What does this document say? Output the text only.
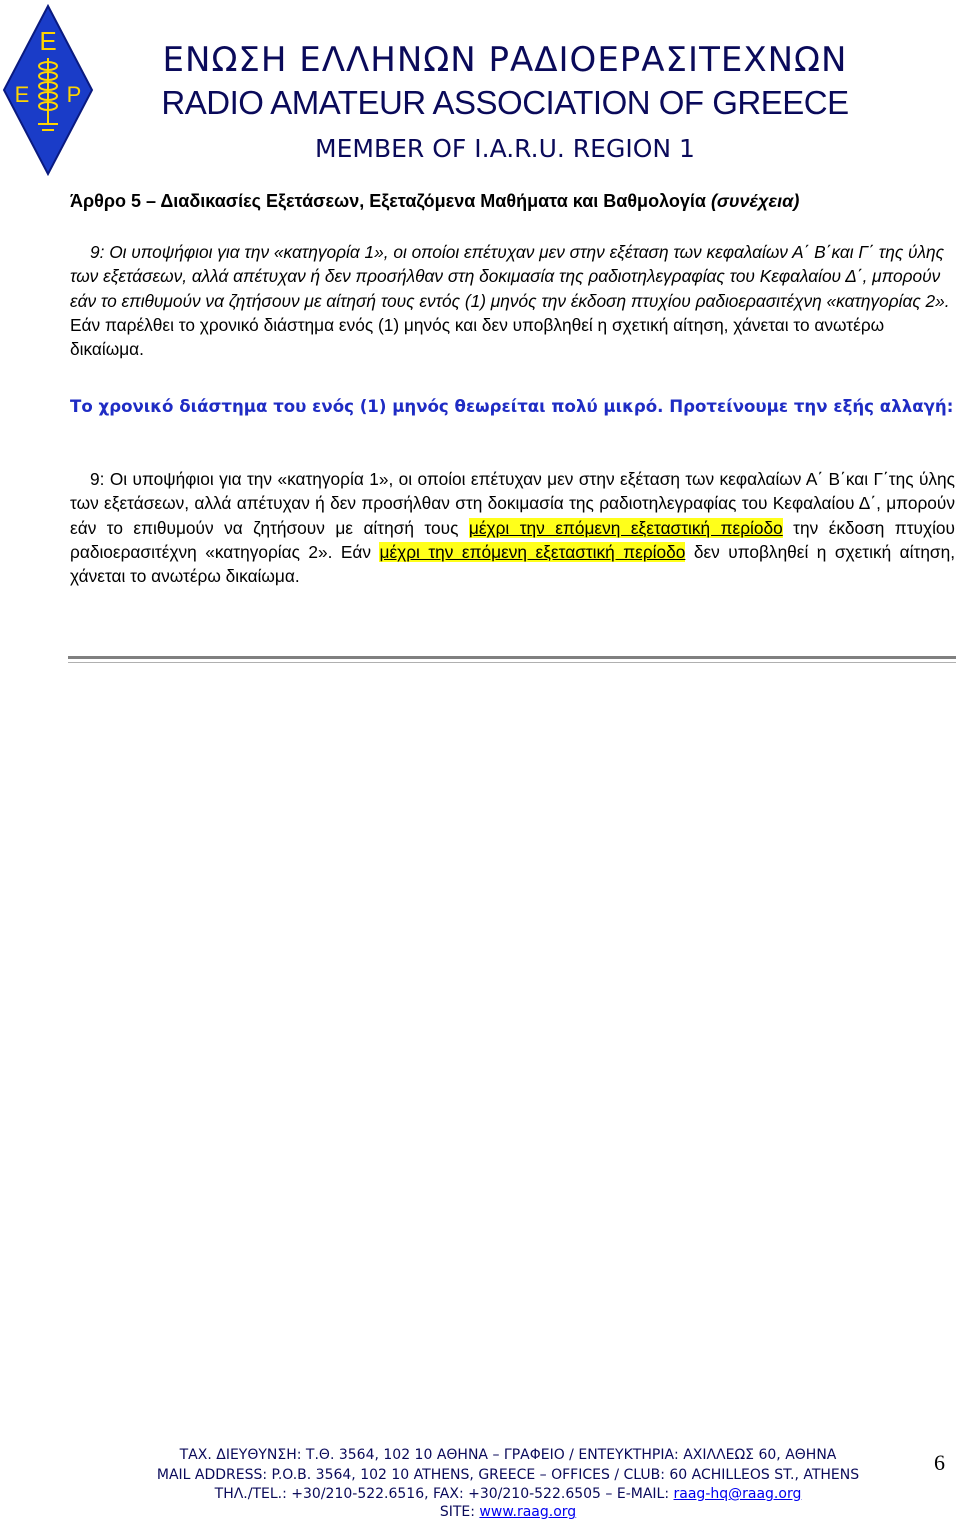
Ε
Ε Ρ
ΕΝΩΣΗ ΕΛΛΗΝΩΝ ΡΑΔΙΟΕΡΑΣΙΤΕΧΝΩΝ
RADIO AMATEUR ASSOCIATION OF GREECE
MEMBER OF I.A.R.U. REGION 1
Άρθρο 5 – Διαδικασίες Εξετάσεων, Εξεταζόμενα Μαθήματα και Βαθμολογία (συνέχεια)
9: Οι υποψήφιοι για την «κατηγορία 1», οι οποίοι επέτυχαν μεν στην εξέταση των κεφαλαίων Α΄ Β΄και Γ΄ της ύλης των εξετάσεων, αλλά απέτυχαν ή δεν προσήλθαν στη δοκιμασία της ραδιοτηλεγραφίας του Κεφαλαίου Δ΄, μπορούν εάν το επιθυμούν να ζητήσουν με αίτησή τους εντός (1) μηνός την έκδοση πτυχίου ραδιοερασιτέχνη «κατηγορίας 2». Εάν παρέλθει το χρονικό διάστημα ενός (1) μηνός και δεν υποβληθεί η σχετική αίτηση, χάνεται το ανωτέρω δικαίωμα.
Το χρονικό διάστημα του ενός (1) μηνός θεωρείται πολύ μικρό. Προτείνουμε την εξής αλλαγή:
9: Οι υποψήφιοι για την «κατηγορία 1», οι οποίοι επέτυχαν μεν στην εξέταση των κεφαλαίων Α΄ Β΄και Γ΄της ύλης των εξετάσεων, αλλά απέτυχαν ή δεν προσήλθαν στη δοκιμασία της ραδιοτηλεγραφίας του Κεφαλαίου Δ΄, μπορούν εάν το επιθυμούν να ζητήσουν με αίτησή τους μέχρι την επόμενη εξεταστική περίοδο την έκδοση πτυχίου ραδιοερασιτέχνη «κατηγορίας 2». Εάν μέχρι την επόμενη εξεταστική περίοδο δεν υποβληθεί η σχετική αίτηση, χάνεται το ανωτέρω δικαίωμα.
ΤΑΧ. ΔΙΕΥΘΥΝΣΗ: Τ.Θ. 3564, 102 10 ΑΘΗΝΑ – ΓΡΑΦΕΙΟ / ΕΝΤΕΥΚΤΗΡΙΑ: ΑΧΙΛΛΕΩΣ 60, ΑΘΗΝΑ
MAIL ADDRESS: P.O.B. 3564, 102 10 ATHENS, GREECE – OFFICES / CLUB: 60 ACHILLEOS ST., ATHENS
ΤΗΛ./TEL.: +30/210-522.6516, FAX: +30/210-522.6505 – E-MAIL: raag-hq@raag.org
SITE: www.raag.org
6
